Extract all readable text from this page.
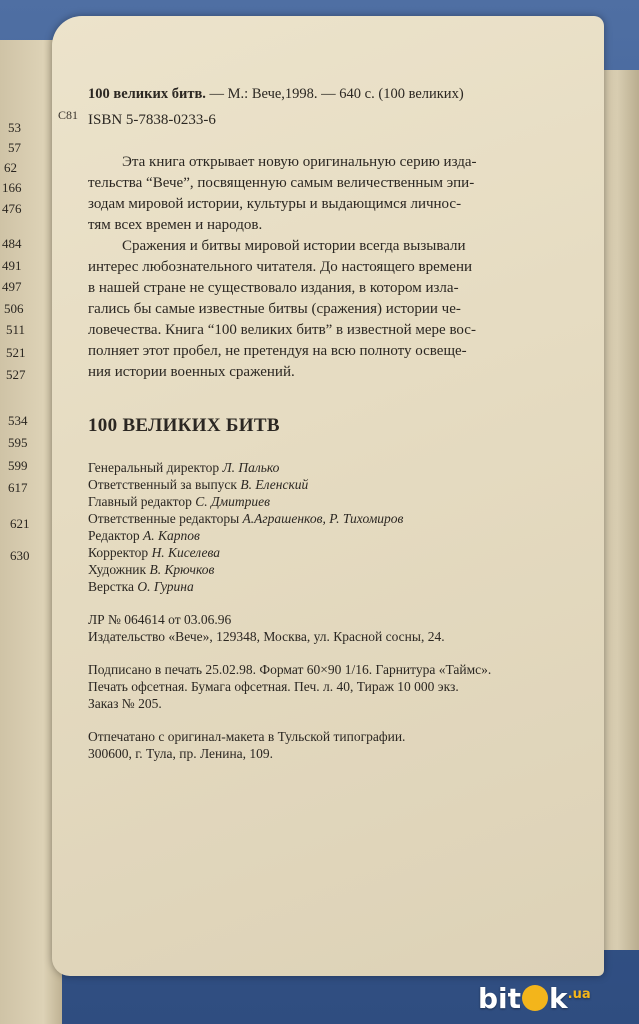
53
57
62
166
476
484
491
497
506
511
521
527
534
595
599
617
621
630
С81
100 великих битв. — М.: Вече,1998. — 640 с. (100 великих)
ISBN 5-7838-0233-6
Эта книга открывает новую оригинальную серию изда-
тельства “Вече”, посвященную самым величественным эпи-
зодам мировой истории, культуры и выдающимся личнос-
тям всех времен и народов.
Сражения и битвы мировой истории всегда вызывали
интерес любознательного читателя. До настоящего времени
в нашей стране не существовало издания, в котором изла-
гались бы самые известные битвы (сражения) истории че-
ловечества. Книга “100 великих битв” в известной мере вос-
полняет этот пробел, не претендуя на всю полноту освеще-
ния истории военных сражений.
100 ВЕЛИКИХ БИТВ
Генеральный директор Л. Палько
Ответственный за выпуск В. Еленский
Главный редактор С. Дмитриев
Ответственные редакторы А.Аграшенков, Р. Тихомиров
Редактор А. Карпов
Корректор Н. Киселева
Художник В. Крючков
Верстка О. Гурина
ЛР № 064614 от 03.06.96
Издательство «Вече», 129348, Москва, ул. Красной сосны, 24.
Подписано в печать 25.02.98. Формат 60×90 1/16. Гарнитура «Таймс».
Печать офсетная. Бумага офсетная. Печ. л. 40, Тираж 10 000 экз.
Заказ № 205.
Отпечатано с оригинал-макета в Тульской типографии.
300600, г. Тула, пр. Ленина, 109.
bit $k^{.ua}$
